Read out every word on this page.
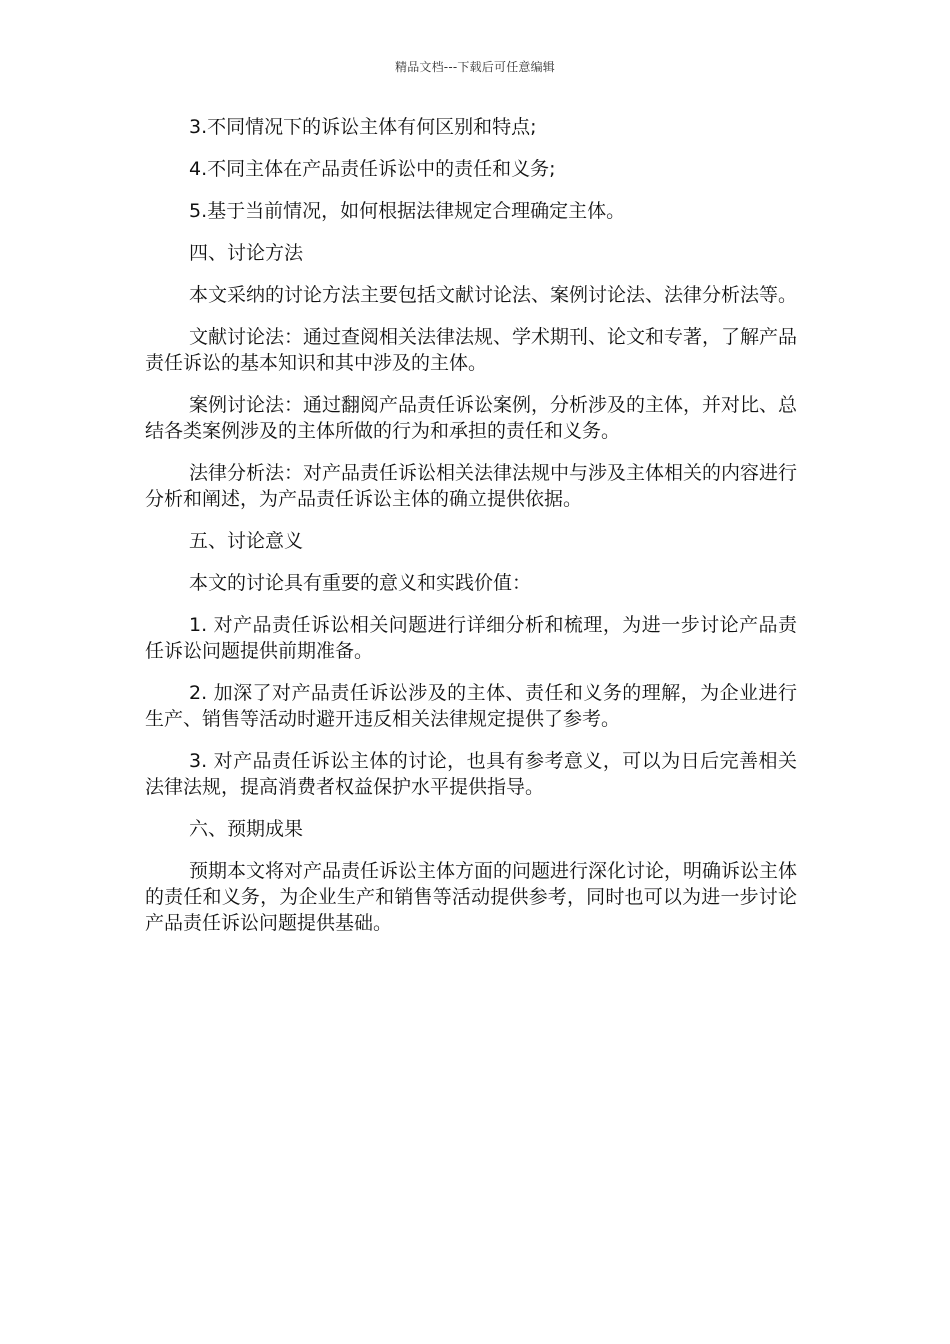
精品文档---下载后可任意编辑

3.不同情况下的诉讼主体有何区别和特点;

4.不同主体在产品责任诉讼中的责任和义务;

5.基于当前情况，如何根据法律规定合理确定主体。

四、讨论方法

本文采纳的讨论方法主要包括文献讨论法、案例讨论法、法律分析法等。

文献讨论法：通过查阅相关法律法规、学术期刊、论文和专著，了解产品责任诉讼的基本知识和其中涉及的主体。

案例讨论法：通过翻阅产品责任诉讼案例，分析涉及的主体，并对比、总结各类案例涉及的主体所做的行为和承担的责任和义务。

法律分析法：对产品责任诉讼相关法律法规中与涉及主体相关的内容进行分析和阐述，为产品责任诉讼主体的确立提供依据。

五、讨论意义

本文的讨论具有重要的意义和实践价值：

1. 对产品责任诉讼相关问题进行详细分析和梳理，为进一步讨论产品责任诉讼问题提供前期准备。

2. 加深了对产品责任诉讼涉及的主体、责任和义务的理解，为企业进行生产、销售等活动时避开违反相关法律规定提供了参考。

3. 对产品责任诉讼主体的讨论，也具有参考意义，可以为日后完善相关法律法规，提高消费者权益保护水平提供指导。

六、预期成果

预期本文将对产品责任诉讼主体方面的问题进行深化讨论，明确诉讼主体的责任和义务，为企业生产和销售等活动提供参考，同时也可以为进一步讨论产品责任诉讼问题提供基础。
